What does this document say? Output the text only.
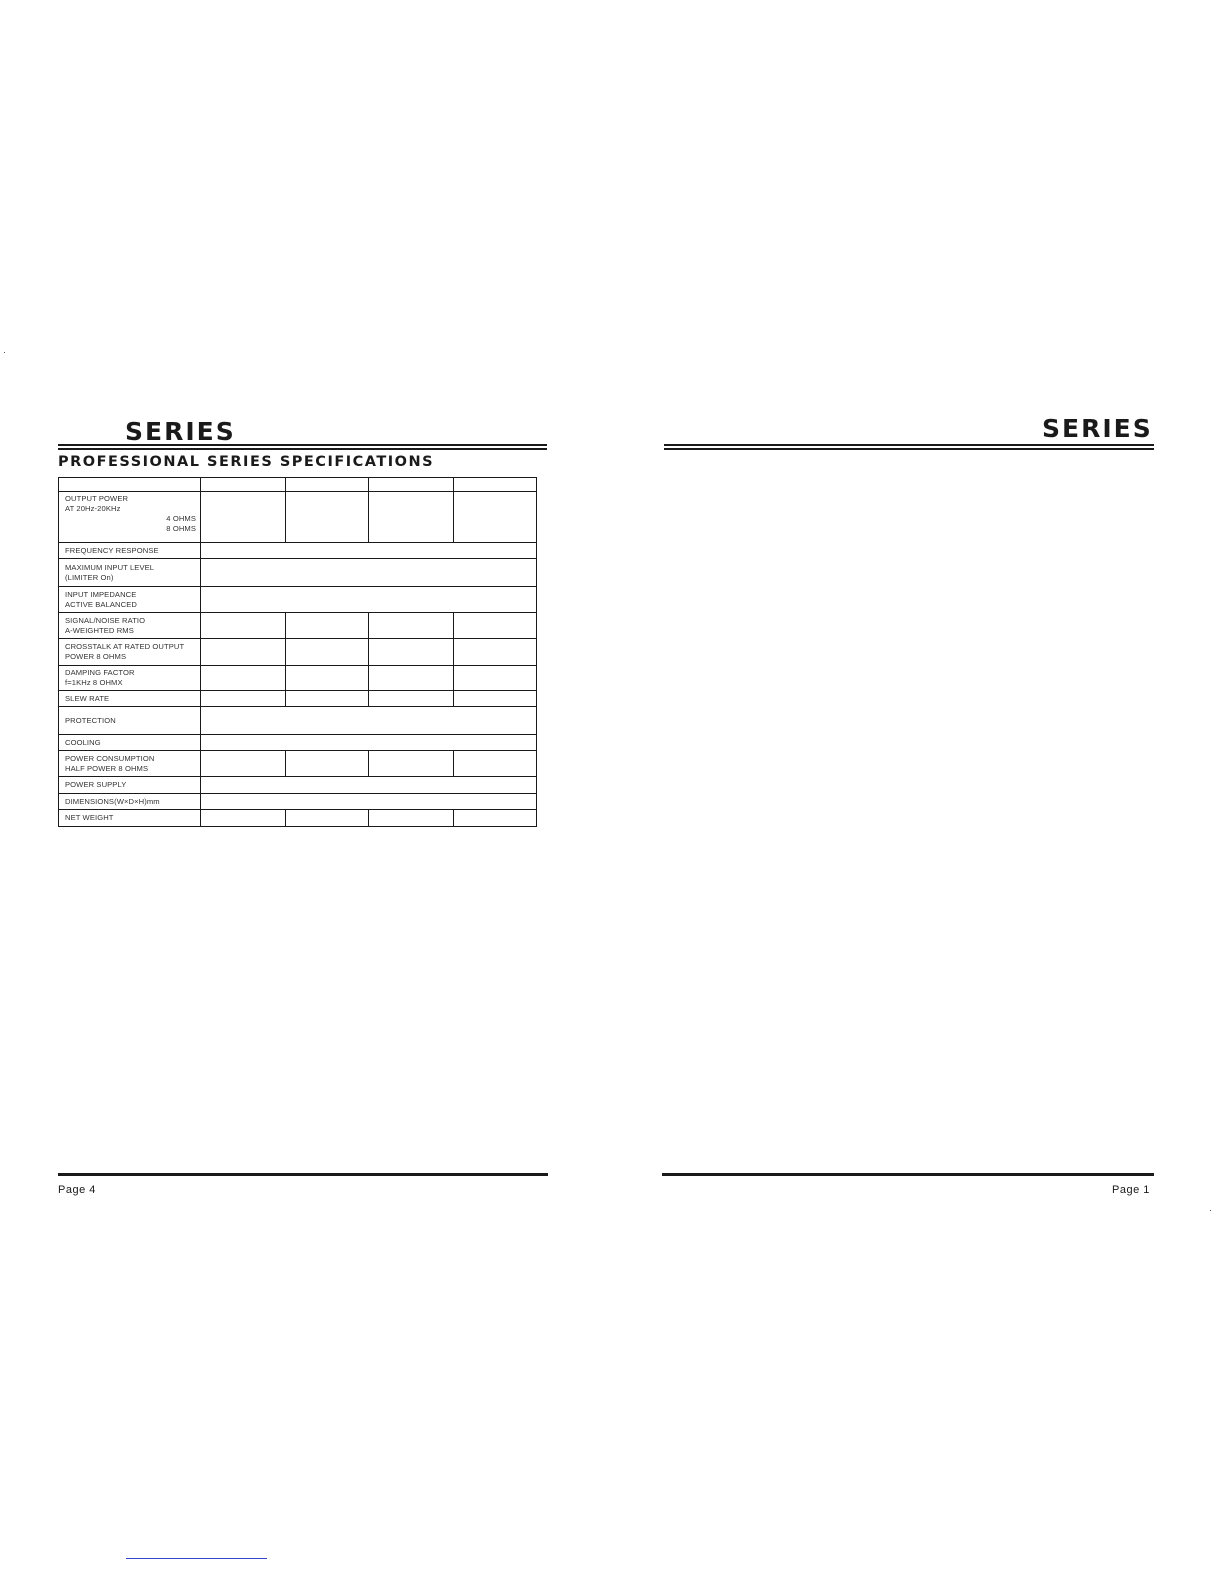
SERIES
PROFESSIONAL SERIES SPECIFICATIONS

OUTPUT POWER
AT 20Hz-20KHz
4 OHMS
8 OHMS				

FREQUENCY RESPONSE				

MAXIMUM INPUT LEVEL
(LIMITER On)				

INPUT IMPEDANCE
ACTIVE BALANCED				

SIGNAL/NOISE RATIO
A-WEIGHTED RMS				

CROSSTALK AT RATED OUTPUT
POWER 8 OHMS				

DAMPING FACTOR
f=1KHz 8 OHMX				

SLEW RATE				
PROTECTION				
COOLING				

POWER CONSUMPTION
HALF POWER 8 OHMS				

POWER SUPPLY				
DIMENSIONS(W×D×H)mm				
NET WEIGHT				
Page 4
SERIES
Page 1
